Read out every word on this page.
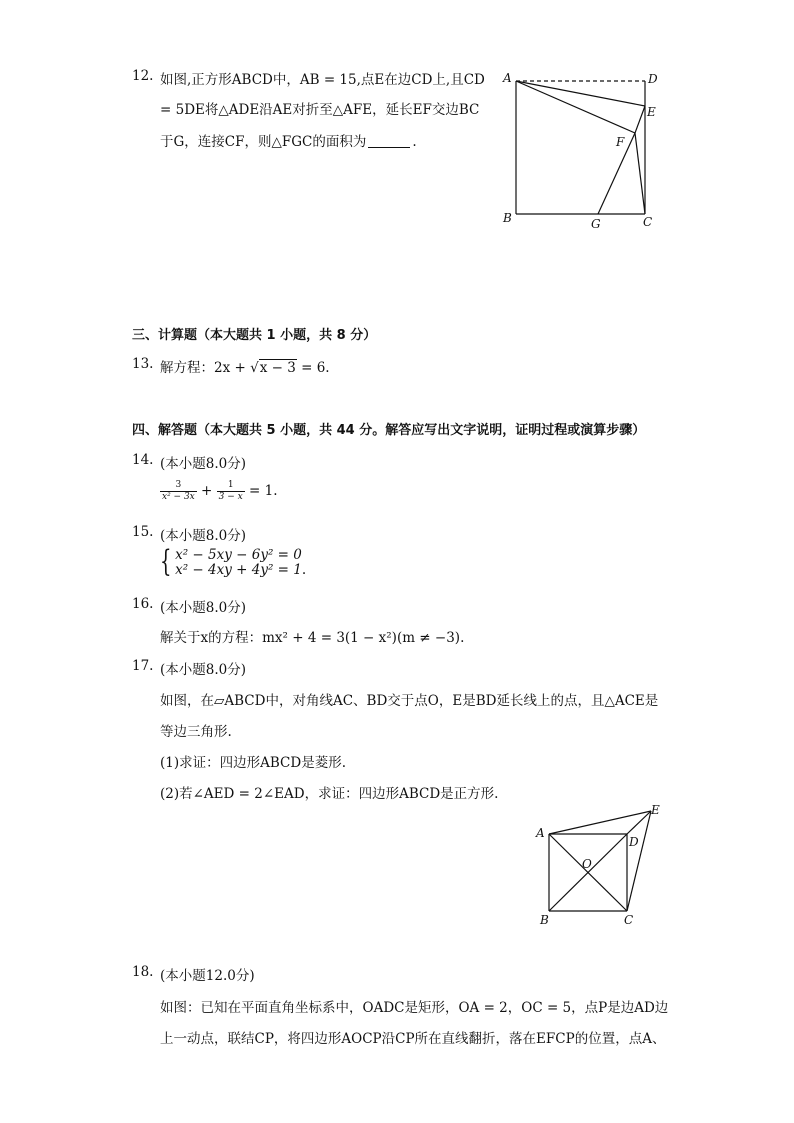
12. 如图,正方形ABCD中，AB = 15,点E在边CD上,且CD
= 5DE将△ADE沿AE对折至△AFE，延长EF交边BC
于G，连接CF，则△FGC的面积为	.
A	D
E
F
B	G	C
三、计算题（本大题共 1 小题，共 8 分）
13. 解方程：2x + √x − 3 = 6.
四、解答题（本大题共 5 小题，共 44 分。解答应写出文字说明，证明过程或演算步骤）
14. (本小题8.0分)
$\frac{3}{\text{x² − 3x}} + \frac{1}{3 - x} = 1$.
15. (本小题8.0分)
{ x² − 5xy − 6y² = 0
x² − 4xy + 4y² = 1.
16. (本小题8.0分)
解关于x的方程：mx² + 4 = 3(1 − x²)(m ≠ −3).
17. (本小题8.0分)
如图，在▱ABCD中，对角线AC、BD交于点O，E是BD延长线上的点，且△ACE是
等边三角形.
(1)求证：四边形ABCD是菱形.
(2)若∠AED = 2∠EAD，求证：四边形ABCD是正方形.
A
D
E
O
B	C
18. (本小题12.0分)
如图：已知在平面直角坐标系中，OADC是矩形，OA = 2，OC = 5，点P是边AD边
上一动点，联结CP，将四边形AOCP沿CP所在直线翻折，落在EFCP的位置，点A、
